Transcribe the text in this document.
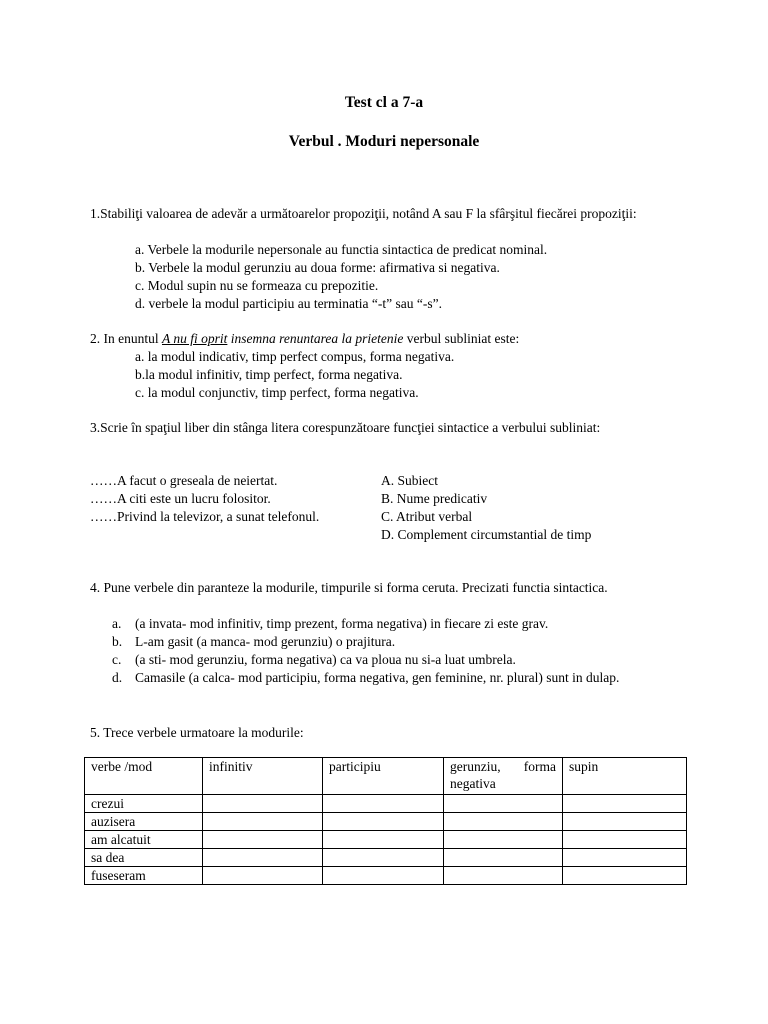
Test cl a 7-a
Verbul . Moduri nepersonale
1.Stabiliţi valoarea de adevăr a următoarelor propoziţii, notând A sau F la sfârşitul fiecărei propoziţii:
a. Verbele la modurile nepersonale au functia sintactica de predicat nominal.
b. Verbele la modul gerunziu au doua forme: afirmativa si negativa.
c. Modul supin nu se formeaza cu prepozitie.
d. verbele la modul participiu au terminatia “-t” sau “-s”.
2. In enuntul A nu fi oprit insemna renuntarea la prietenie verbul subliniat este:
a. la modul indicativ, timp perfect compus, forma negativa.
b.la modul infinitiv, timp perfect, forma negativa.
c. la modul conjunctiv, timp perfect, forma negativa.
3.Scrie în spaţiul liber din stânga litera corespunzătoare funcţiei sintactice a verbului subliniat:
……A facut o greseala de neiertat.
……A citi este un lucru folositor.
……Privind la televizor, a sunat telefonul.
A. Subiect
B. Nume predicativ
C. Atribut verbal
D. Complement circumstantial de timp
4. Pune verbele din paranteze la modurile, timpurile si forma ceruta. Precizati functia sintactica.
a. (a invata- mod infinitiv, timp prezent, forma negativa) in fiecare zi este grav.
b. L-am gasit (a manca- mod gerunziu) o prajitura.
c. (a sti- mod gerunziu, forma negativa) ca va ploua nu si-a luat umbrela.
d. Camasile (a calca- mod participiu, forma negativa, gen feminine, nr. plural) sunt in dulap.
5. Trece verbele urmatoare la modurile:
verbe /mod	infinitiv	participiu	gerunziu, forma negativa	supin
crezui				
auzisera				
am alcatuit				
sa dea				
fuseseram				
